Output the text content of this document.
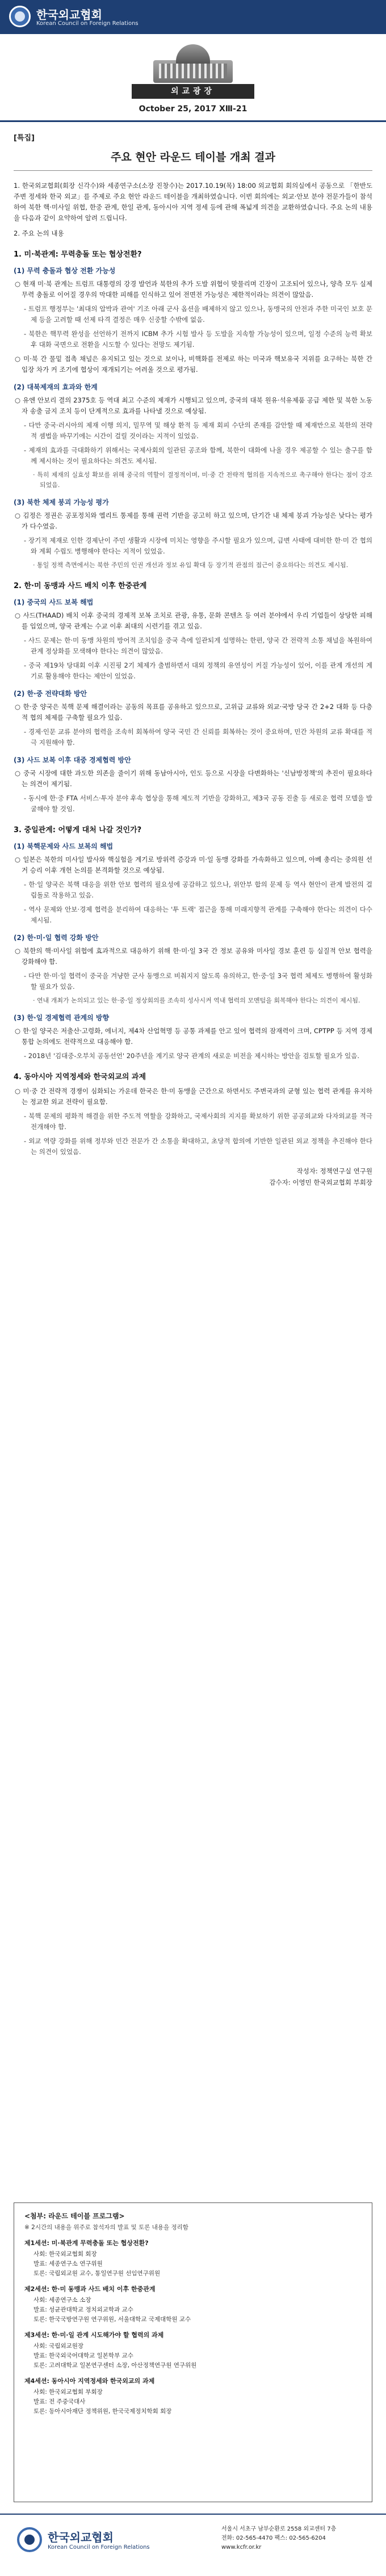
한국외교협회
Korean Council on Foreign Relations
외교광장
October 25, 2017 XⅢ-21
[특집]
주요 현안 라운드 테이블 개최 결과

1. 한국외교협회(회장 신각수)와 세종연구소(소장 진창수)는 2017.10.19(목) 18:00 외교협회 회의실에서 공동으로 「한반도 주변 정세와 한국 외교」를 주제로 주요 현안 라운드 테이블을 개최하였습니다. 이번 회의에는 외교·안보 분야 전문가들이 참석하여 북한 핵·미사일 위협, 한중 관계, 한일 관계, 동아시아 지역 정세 등에 관해 폭넓게 의견을 교환하였습니다. 주요 논의 내용을 다음과 같이 요약하여 알려 드립니다.

2. 주요 논의 내용

1. 미·북관계: 무력충돌 또는 협상전환?
(1) 무력 충돌과 협상 전환 가능성

○ 현재 미·북 관계는 트럼프 대통령의 강경 발언과 북한의 추가 도발 위협이 맞물리며 긴장이 고조되어 있으나, 양측 모두 실제 무력 충돌로 이어질 경우의 막대한 피해를 인식하고 있어 전면전 가능성은 제한적이라는 의견이 많았음.

- 트럼프 행정부는 '최대의 압박과 관여' 기조 아래 군사 옵션을 배제하지 않고 있으나, 동맹국의 안전과 주한 미국인 보호 문제 등을 고려할 때 선제 타격 결정은 매우 신중할 수밖에 없음.

- 북한은 핵무력 완성을 선언하기 전까지 ICBM 추가 시험 발사 등 도발을 지속할 가능성이 있으며, 일정 수준의 능력 확보 후 대화 국면으로 전환을 시도할 수 있다는 전망도 제기됨.

○ 미·북 간 물밑 접촉 채널은 유지되고 있는 것으로 보이나, 비핵화를 전제로 하는 미국과 핵보유국 지위를 요구하는 북한 간 입장 차가 커 조기에 협상이 재개되기는 어려울 것으로 평가됨.

(2) 대북제재의 효과와 한계

○ 유엔 안보리 결의 2375호 등 역대 최고 수준의 제재가 시행되고 있으며, 중국의 대북 원유·석유제품 공급 제한 및 북한 노동자 송출 금지 조치 등이 단계적으로 효과를 나타낼 것으로 예상됨.

- 다만 중국·러시아의 제재 이행 의지, 밀무역 및 해상 환적 등 제재 회피 수단의 존재를 감안할 때 제재만으로 북한의 전략적 셈법을 바꾸기에는 시간이 걸릴 것이라는 지적이 있었음.

- 제재의 효과를 극대화하기 위해서는 국제사회의 일관된 공조와 함께, 북한이 대화에 나올 경우 제공할 수 있는 출구를 함께 제시하는 것이 필요하다는 의견도 제시됨.

· 특히 제재의 실효성 확보를 위해 중국의 역할이 결정적이며, 미·중 간 전략적 협의를 지속적으로 촉구해야 한다는 점이 강조되었음.

(3) 북한 체제 붕괴 가능성 평가

○ 김정은 정권은 공포정치와 엘리트 통제를 통해 권력 기반을 공고히 하고 있으며, 단기간 내 체제 붕괴 가능성은 낮다는 평가가 다수였음.

- 장기적 제재로 인한 경제난이 주민 생활과 시장에 미치는 영향을 주시할 필요가 있으며, 급변 사태에 대비한 한·미 간 협의와 계획 수립도 병행해야 한다는 지적이 있었음.

· 통일 정책 측면에서는 북한 주민의 인권 개선과 정보 유입 확대 등 장기적 관점의 접근이 중요하다는 의견도 제시됨.

2. 한·미 동맹과 사드 배치 이후 한중관계
(1) 중국의 사드 보복 해법

○ 사드(THAAD) 배치 이후 중국의 경제적 보복 조치로 관광, 유통, 문화 콘텐츠 등 여러 분야에서 우리 기업들이 상당한 피해를 입었으며, 양국 관계는 수교 이후 최대의 시련기를 겪고 있음.

- 사드 문제는 한·미 동맹 차원의 방어적 조치임을 중국 측에 일관되게 설명하는 한편, 양국 간 전략적 소통 채널을 복원하여 관계 정상화를 모색해야 한다는 의견이 많았음.

- 중국 제19차 당대회 이후 시진핑 2기 체제가 출범하면서 대외 정책의 유연성이 커질 가능성이 있어, 이를 관계 개선의 계기로 활용해야 한다는 제안이 있었음.

(2) 한·중 전략대화 방안

○ 한·중 양국은 북핵 문제 해결이라는 공동의 목표를 공유하고 있으므로, 고위급 교류와 외교·국방 당국 간 2+2 대화 등 다층적 협의 체제를 구축할 필요가 있음.

- 경제·인문 교류 분야의 협력을 조속히 회복하여 양국 국민 간 신뢰를 회복하는 것이 중요하며, 민간 차원의 교류 확대를 적극 지원해야 함.

(3) 사드 보복 이후 대중 경제협력 방안

○ 중국 시장에 대한 과도한 의존을 줄이기 위해 동남아시아, 인도 등으로 시장을 다변화하는 '신남방정책'의 추진이 필요하다는 의견이 제기됨.

- 동시에 한·중 FTA 서비스·투자 분야 후속 협상을 통해 제도적 기반을 강화하고, 제3국 공동 진출 등 새로운 협력 모델을 발굴해야 할 것임.

3. 중일관계: 어떻게 대처 나갈 것인가?
(1) 북핵문제와 사드 보복의 해법

○ 일본은 북한의 미사일 발사와 핵실험을 계기로 방위력 증강과 미·일 동맹 강화를 가속화하고 있으며, 아베 총리는 중의원 선거 승리 이후 개헌 논의를 본격화할 것으로 예상됨.

- 한·일 양국은 북핵 대응을 위한 안보 협력의 필요성에 공감하고 있으나, 위안부 합의 문제 등 역사 현안이 관계 발전의 걸림돌로 작용하고 있음.

- 역사 문제와 안보·경제 협력을 분리하여 대응하는 '투 트랙' 접근을 통해 미래지향적 관계를 구축해야 한다는 의견이 다수 제시됨.

(2) 한·미·일 협력 강화 방안

○ 북한의 핵·미사일 위협에 효과적으로 대응하기 위해 한·미·일 3국 간 정보 공유와 미사일 경보 훈련 등 실질적 안보 협력을 강화해야 함.

- 다만 한·미·일 협력이 중국을 겨냥한 군사 동맹으로 비춰지지 않도록 유의하고, 한·중·일 3국 협력 체제도 병행하여 활성화할 필요가 있음.

· 연내 개최가 논의되고 있는 한·중·일 정상회의를 조속히 성사시켜 역내 협력의 모멘텀을 회복해야 한다는 의견이 제시됨.

(3) 한·일 경제협력 관계의 방향

○ 한·일 양국은 저출산·고령화, 에너지, 제4차 산업혁명 등 공통 과제를 안고 있어 협력의 잠재력이 크며, CPTPP 등 지역 경제 통합 논의에도 전략적으로 대응해야 함.

- 2018년 '김대중-오부치 공동선언' 20주년을 계기로 양국 관계의 새로운 비전을 제시하는 방안을 검토할 필요가 있음.

4. 동아시아 지역정세와 한국외교의 과제

○ 미·중 간 전략적 경쟁이 심화되는 가운데 한국은 한·미 동맹을 근간으로 하면서도 주변국과의 균형 있는 협력 관계를 유지하는 정교한 외교 전략이 필요함.

- 북핵 문제의 평화적 해결을 위한 주도적 역할을 강화하고, 국제사회의 지지를 확보하기 위한 공공외교와 다자외교를 적극 전개해야 함.

- 외교 역량 강화를 위해 정부와 민간 전문가 간 소통을 확대하고, 초당적 합의에 기반한 일관된 외교 정책을 추진해야 한다는 의견이 있었음.

작성자: 정책연구실 연구원
감수자: 이영민 한국외교협회 부회장
<첨부: 라운드 테이블 프로그램>
※ 2시간의 내용을 위주로 참석자의 발표 및 토론 내용을 정리함
제1세션: 미·북관계 무력충돌 또는 협상전환?
사회: 한국외교협회 회장
발표: 세종연구소 연구위원
토론: 국립외교원 교수, 통일연구원 선임연구위원
제2세션: 한·미 동맹과 사드 배치 이후 한중관계
사회: 세종연구소 소장
발표: 성균관대학교 정치외교학과 교수
토론: 한국국방연구원 연구위원, 서울대학교 국제대학원 교수
제3세션: 한·미·일 관계 시도해가야 할 협력의 과제
사회: 국립외교원장
발표: 한국외국어대학교 일본학부 교수
토론: 고려대학교 일본연구센터 소장, 아산정책연구원 연구위원
제4세션: 동아시아 지역정세와 한국외교의 과제
사회: 한국외교협회 부회장
발표: 전 주중국대사
토론: 동아시아재단 정책위원, 한국국제정치학회 회장
한국외교협회
Korean Council on Foreign Relations
서울시 서초구 남부순환로 2558 외교센터 7층
전화: 02-565-4470 팩스: 02-565-6204
www.kcfr.or.kr
